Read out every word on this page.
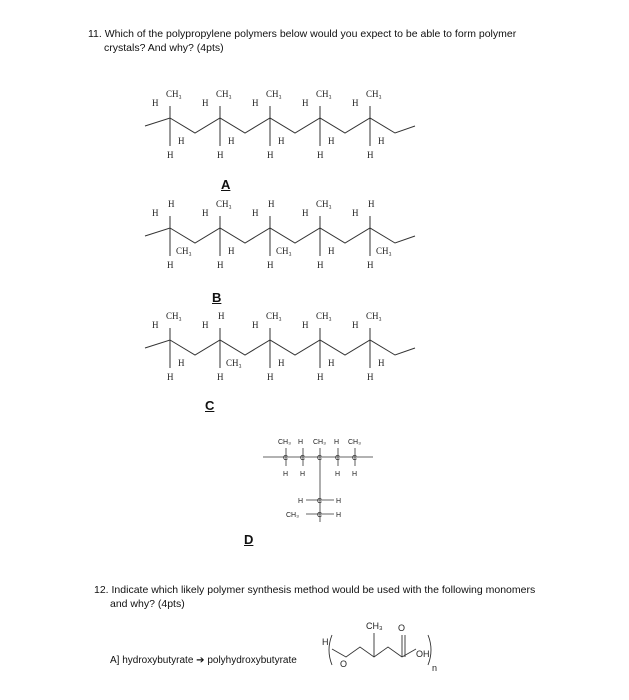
11. Which of the polypropylene polymers below would you expect to be able to form polymer
crystals? And why? (4pts)
CH₃	CH₃	CH₃	CH₃	CH₃
H	H	H	H	H
H	H	H	H	H
H	H	H	H	H
A
H	CH₃	H	CH₃	H
H	H	H	H	H
CH₃	H	CH₃	H	CH₃
H	H	H	H	H
B
CH₃	H	CH₃	CH₃	CH₃
H	H	H	H	H
H	CH₃	H	H	H
H	H	H	H	H
C
CH₃ H CH₃ H CH₃
C C C C C
H H	H H
H C H
CH₃	C H
D
12. Indicate which likely polymer synthesis method would be used with the following monomers
and why? (4pts)
H
O
CH₃ O
OH
n
A] hydroxybutyrate ➔ polyhydroxybutyrate
